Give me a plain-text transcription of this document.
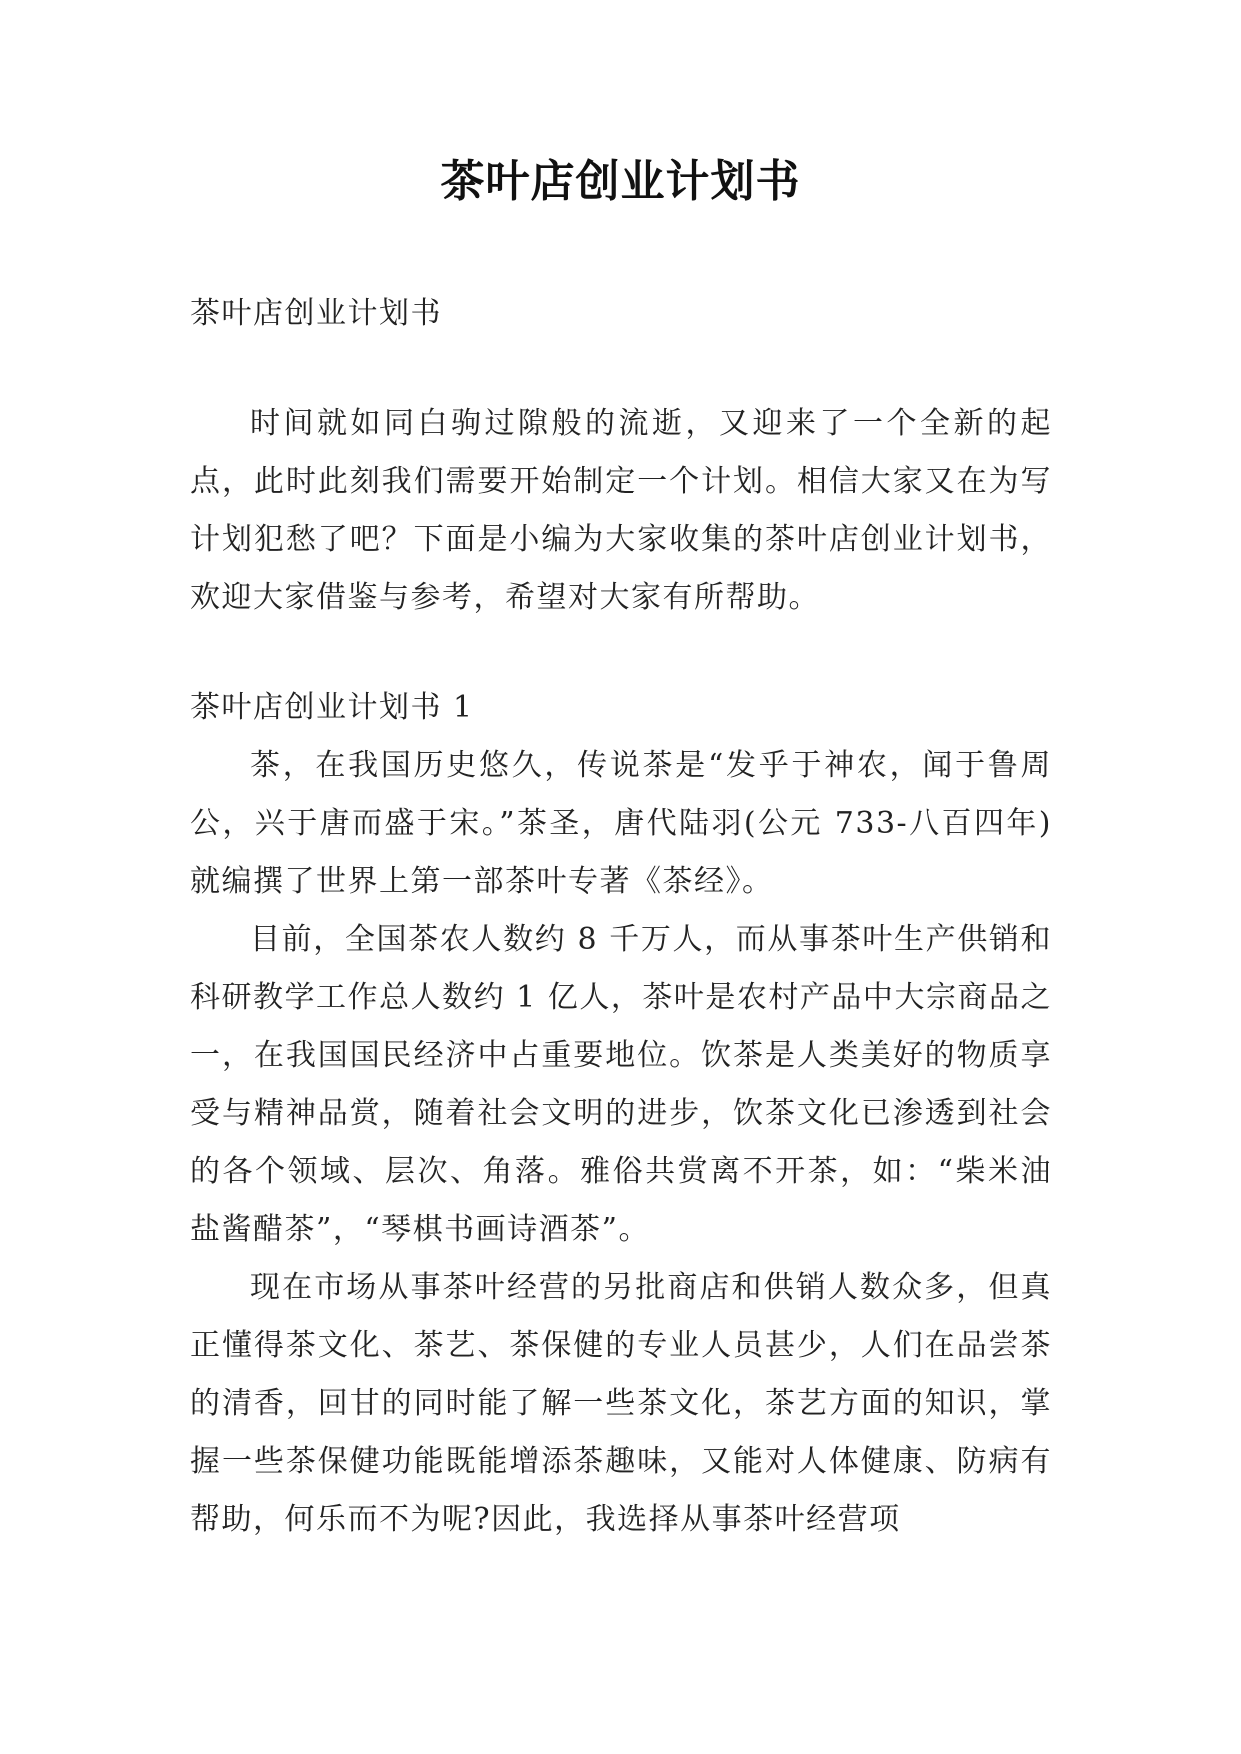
茶叶店创业计划书

茶叶店创业计划书

时间就如同白驹过隙般的流逝，又迎来了一个全新的起点，此时此刻我们需要开始制定一个计划。相信大家又在为写计划犯愁了吧？下面是小编为大家收集的茶叶店创业计划书，欢迎大家借鉴与参考，希望对大家有所帮助。

茶叶店创业计划书 1

茶，在我国历史悠久，传说茶是“发乎于神农，闻于鲁周公，兴于唐而盛于宋。”茶圣，唐代陆羽(公元 733-八百四年)就编撰了世界上第一部茶叶专著《茶经》。

目前，全国茶农人数约 8 千万人，而从事茶叶生产供销和科研教学工作总人数约 1 亿人，茶叶是农村产品中大宗商品之一，在我国国民经济中占重要地位。饮茶是人类美好的物质享受与精神品赏，随着社会文明的进步，饮茶文化已渗透到社会的各个领域、层次、角落。雅俗共赏离不开茶，如：“柴米油盐酱醋茶”，“琴棋书画诗酒茶”。

现在市场从事茶叶经营的另批商店和供销人数众多，但真正懂得茶文化、茶艺、茶保健的专业人员甚少，人们在品尝茶的清香，回甘的同时能了解一些茶文化，茶艺方面的知识，掌握一些茶保健功能既能增添茶趣味，又能对人体健康、防病有帮助，何乐而不为呢?因此，我选择从事茶叶经营项
